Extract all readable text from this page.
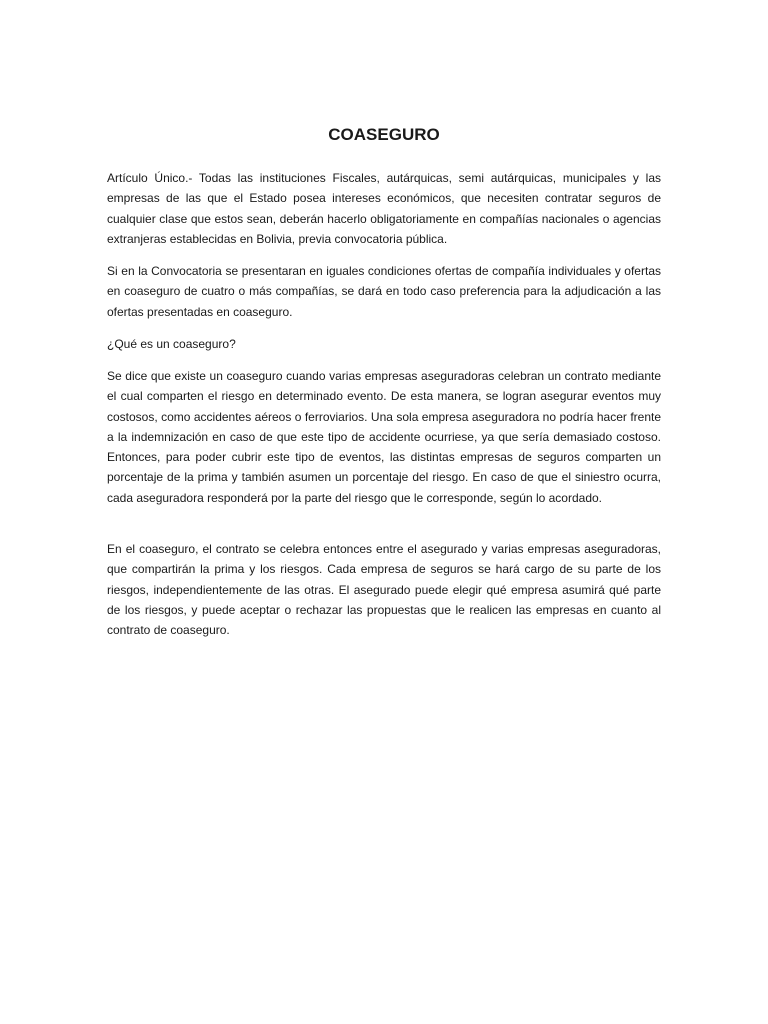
COASEGURO

Artículo Único.- Todas las instituciones Fiscales, autárquicas, semi autárquicas, municipales y las empresas de las que el Estado posea intereses económicos, que necesiten contratar seguros de cualquier clase que estos sean, deberán hacerlo obligatoriamente en compañías nacionales o agencias extranjeras establecidas en Bolivia, previa convocatoria pública.

Si en la Convocatoria se presentaran en iguales condiciones ofertas de compañía individuales y ofertas en coaseguro de cuatro o más compañías, se dará en todo caso preferencia para la adjudicación a las ofertas presentadas en coaseguro.

¿Qué es un coaseguro?

Se dice que existe un coaseguro cuando varias empresas aseguradoras celebran un contrato mediante el cual comparten el riesgo en determinado evento. De esta manera, se logran asegurar eventos muy costosos, como accidentes aéreos o ferroviarios. Una sola empresa aseguradora no podría hacer frente a la indemnización en caso de que este tipo de accidente ocurriese, ya que sería demasiado costoso. Entonces, para poder cubrir este tipo de eventos, las distintas empresas de seguros comparten un porcentaje de la prima y también asumen un porcentaje del riesgo. En caso de que el siniestro ocurra, cada aseguradora responderá por la parte del riesgo que le corresponde, según lo acordado.

En el coaseguro, el contrato se celebra entonces entre el asegurado y varias empresas aseguradoras, que compartirán la prima y los riesgos. Cada empresa de seguros se hará cargo de su parte de los riesgos, independientemente de las otras. El asegurado puede elegir qué empresa asumirá qué parte de los riesgos, y puede aceptar o rechazar las propuestas que le realicen las empresas en cuanto al contrato de coaseguro.
